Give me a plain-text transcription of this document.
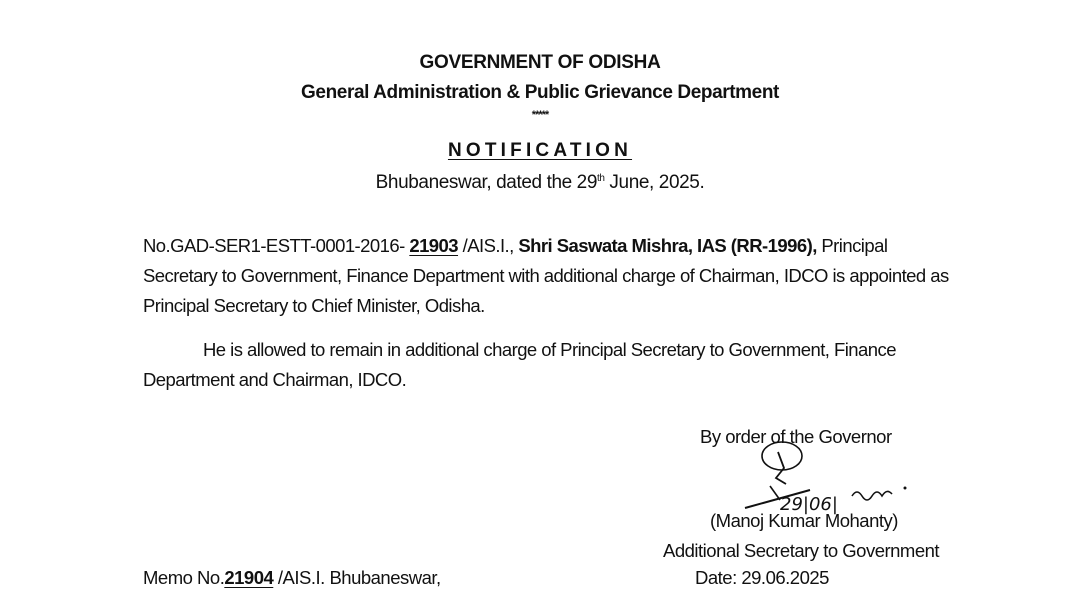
GOVERNMENT OF ODISHA
General Administration & Public Grievance Department
*****
NOTIFICATION
Bhubaneswar, dated the 29th June, 2025.
No.GAD-SER1-ESTT-0001-2016- 21903 /AIS.I., Shri Saswata Mishra, IAS (RR-1996), Principal Secretary to Government, Finance Department with additional charge of Chairman, IDCO is appointed as Principal Secretary to Chief Minister, Odisha.
He is allowed to remain in additional charge of Principal Secretary to Government, Finance Department and Chairman, IDCO.
By order of the Governor
29|06|
(Manoj Kumar Mohanty)
Additional Secretary to Government
Date: 29.06.2025
Memo No.21904 /AIS.I. Bhubaneswar,
